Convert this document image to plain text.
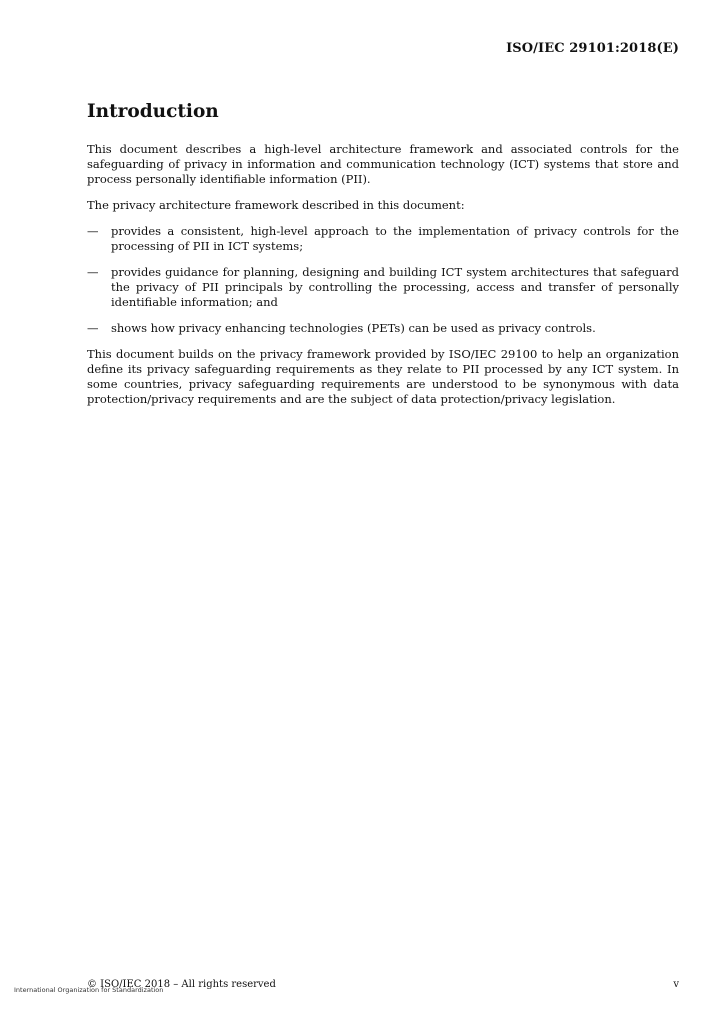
ISO/IEC 29101:2018(E)
Introduction

This document describes a high-level architecture framework and associated controls for the safeguarding of privacy in information and communication technology (ICT) systems that store and process personally identifiable information (PII).

The privacy architecture framework described in this document:

— provides a consistent, high-level approach to the implementation of privacy controls for the processing of PII in ICT systems;
— provides guidance for planning, designing and building ICT system architectures that safeguard the privacy of PII principals by controlling the processing, access and transfer of personally identifiable information; and
— shows how privacy enhancing technologies (PETs) can be used as privacy controls.

This document builds on the privacy framework provided by ISO/IEC 29100 to help an organization define its privacy safeguarding requirements as they relate to PII processed by any ICT system. In some countries, privacy safeguarding requirements are understood to be synonymous with data protection/privacy requirements and are the subject of data protection/privacy legislation.

International Organization for Standardization
© ISO/IEC 2018 – All rights reserved	v
